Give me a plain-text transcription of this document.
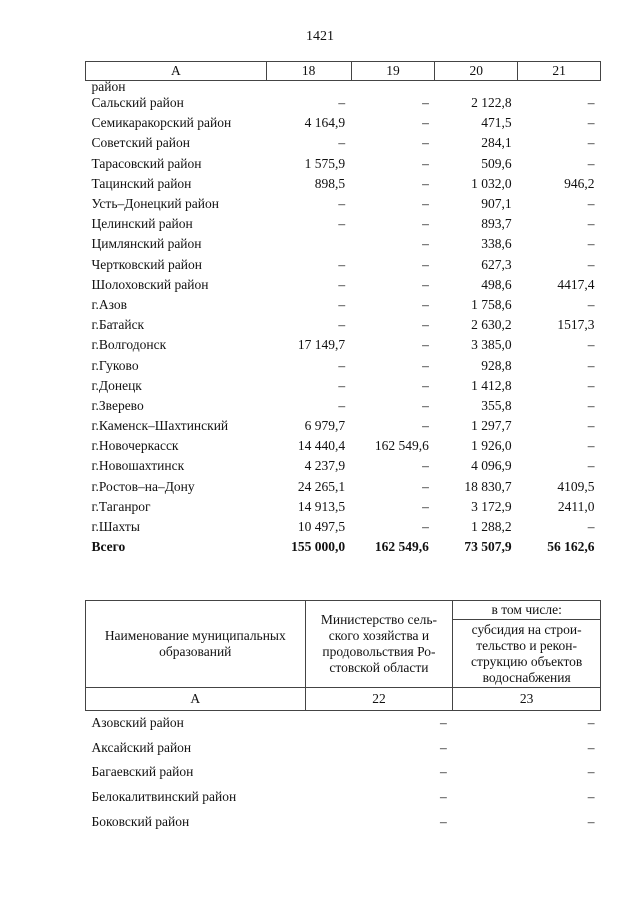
1421
A	18	19	20	21
район				
Сальский район	–	–	2 122,8	–
Семикаракорский район	4 164,9	–	471,5	–
Советский район	–	–	284,1	–
Тарасовский район	1 575,9	–	509,6	–
Тацинский район	898,5	–	1 032,0	946,2
Усть–Донецкий район	–	–	907,1	–
Целинский район	–	–	893,7	–
Цимлянский район		–	338,6	–
Чертковский район	–	–	627,3	–
Шолоховский район	–	–	498,6	4417,4
г.Азов	–	–	1 758,6	–
г.Батайск	–	–	2 630,2	1517,3
г.Волгодонск	17 149,7	–	3 385,0	–
г.Гуково	–	–	928,8	–
г.Донецк	–	–	1 412,8	–
г.Зверево	–	–	355,8	–
г.Каменск–Шахтинский	6 979,7	–	1 297,7	–
г.Новочеркасск	14 440,4	162 549,6	1 926,0	–
г.Новошахтинск	4 237,9	–	4 096,9	–
г.Ростов–на–Дону	24 265,1	–	18 830,7	4109,5
г.Таганрог	14 913,5	–	3 172,9	2411,0
г.Шахты	10 497,5	–	1 288,2	–
Всего	155 000,0	162 549,6	73 507,9	56 162,6
Наименование муниципальных образований	Министерство сель-ского хозяйства и продовольствия Ро-стовской области	в том числе:
		субсидия на строи-тельство и рекон-струкцию объектов водоснабжения
А	22	23
Азовский район	–	–
Аксайский район	–	–
Багаевский район	–	–
Белокалитвинский район	–	–
Боковский район	–	–
